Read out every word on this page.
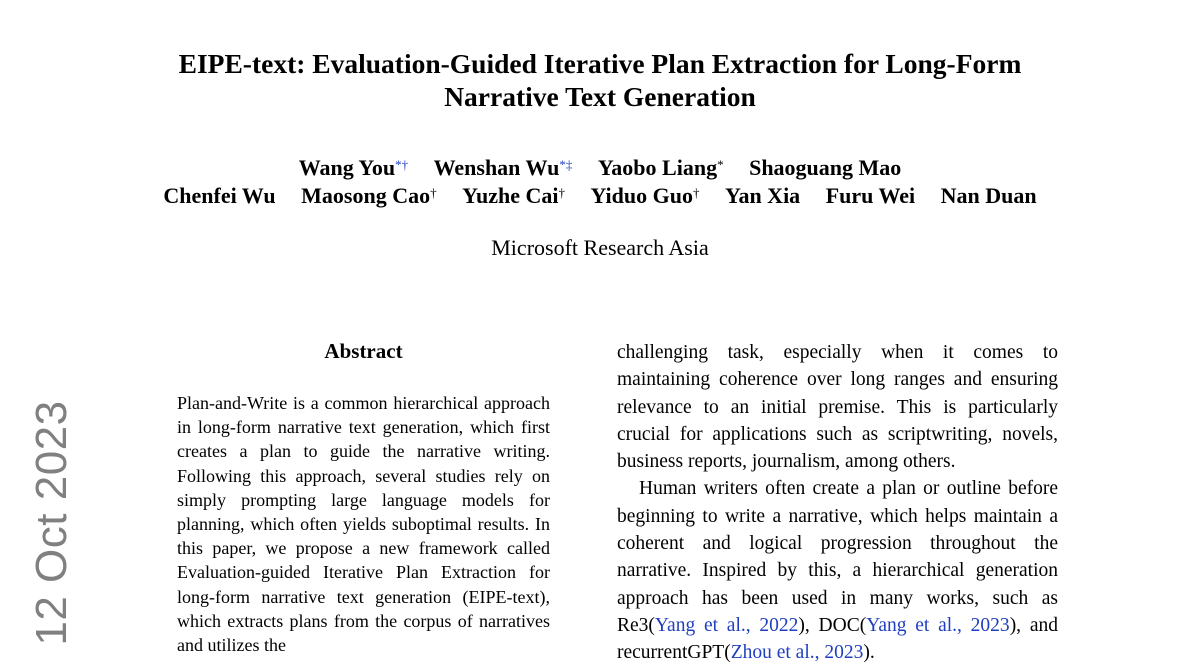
12 Oct 2023
EIPE-text: Evaluation-Guided Iterative Plan Extraction for Long-Form
Narrative Text Generation
Wang You*† Wenshan Wu*‡ Yaobo Liang* Shaoguang Mao
Chenfei Wu Maosong Cao† Yuzhe Cai† Yiduo Guo† Yan Xia Furu Wei Nan Duan
Microsoft Research Asia
Abstract
Plan-and-Write is a common hierarchical approach in long-form narrative text generation, which first creates a plan to guide the narrative writing. Following this approach, several studies rely on simply prompting large language models for planning, which often yields suboptimal results. In this paper, we propose a new framework called Evaluation-guided Iterative Plan Extraction for long-form narrative text generation (EIPE-text), which extracts plans from the corpus of narratives and utilizes the

challenging task, especially when it comes to maintaining coherence over long ranges and ensuring relevance to an initial premise. This is particularly crucial for applications such as scriptwriting, novels, business reports, journalism, among others.

Human writers often create a plan or outline before beginning to write a narrative, which helps maintain a coherent and logical progression throughout the narrative. Inspired by this, a hierarchical generation approach has been used in many works, such as Re3(Yang et al., 2022), DOC(Yang et al., 2023), and recurrentGPT(Zhou et al., 2023).
